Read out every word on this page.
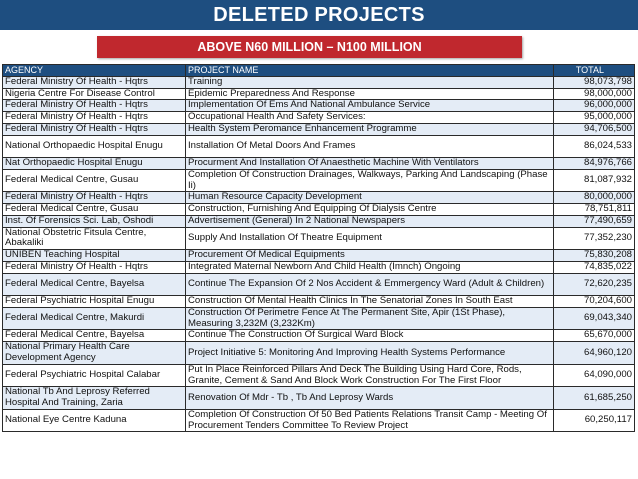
DELETED PROJECTS
ABOVE N60 MILLION – N100 MILLION
AGENCY	PROJECT NAME	TOTAL
Federal Ministry Of Health - Hqtrs	Training	98,073,798
Nigeria Centre For Disease Control	Epidemic Preparedness And Response	98,000,000
Federal Ministry Of Health - Hqtrs	Implementation Of Ems And National Ambulance Service	96,000,000
Federal Ministry Of Health - Hqtrs	Occupational Health And Safety Services:	95,000,000
Federal Ministry Of Health - Hqtrs	Health System Peromance Enhancement Programme	94,706,500
National Orthopaedic Hospital Enugu	Installation Of Metal Doors And Frames	86,024,533
Nat Orthopaedic Hospital Enugu	Procurment And Installation Of Anaesthetic Machine With Ventilators	84,976,766
Federal Medical Centre, Gusau	Completion Of Construction Drainages, Walkways, Parking And Landscaping (Phase Ii)	81,087,932
Federal Ministry Of Health - Hqtrs	Human Resource Capacity Development	80,000,000
Federal Medical Centre, Gusau	Construction, Furnishing And Equipping Of Dialysis Centre	78,751,811
Inst. Of Forensics Sci. Lab, Oshodi	Advertisement (General) In 2 National Newspapers	77,490,659
National Obstetric Fitsula Centre, Abakaliki	Supply And Installation Of Theatre Equipment	77,352,230
UNIBEN Teaching Hospital	Procurement Of Medical Equipments	75,830,208
Federal Ministry Of Health - Hqtrs	Integrated Maternal Newborn And Child Health (Imnch) Ongoing	74,835,022
Federal Medical Centre, Bayelsa	Continue The Expansion Of 2 Nos Accident & Emmergency Ward (Adult & Children)	72,620,235
Federal Psychiatric Hospital Enugu	Construction Of Mental Health Clinics In The Senatorial Zones In South East	70,204,600
Federal Medical Centre, Makurdi	Construction Of Perimetre Fence At The Permanent Site, Apir (1St Phase), Measuring 3,232M (3,232Km)	69,043,340
Federal Medical Centre, Bayelsa	Continue The Construction Of Surgical Ward Block	65,670,000
National Primary Health Care Development Agency	Project Initiative 5: Monitoring And Improving Health Systems Performance	64,960,120
Federal Psychiatric Hospital Calabar	Put In Place Reinforced Pillars And Deck The Building Using Hard Core, Rods, Granite, Cement & Sand And Block Work Construction For The First Floor	64,090,000
National Tb And Leprosy Referred Hospital And Training, Zaria	Renovation Of Mdr - Tb , Tb And Leprosy Wards	61,685,250
National Eye Centre Kaduna	Completion Of Construction Of 50 Bed Patients Relations Transit Camp - Meeting Of Procurement Tenders Committee To Review Project	60,250,117
